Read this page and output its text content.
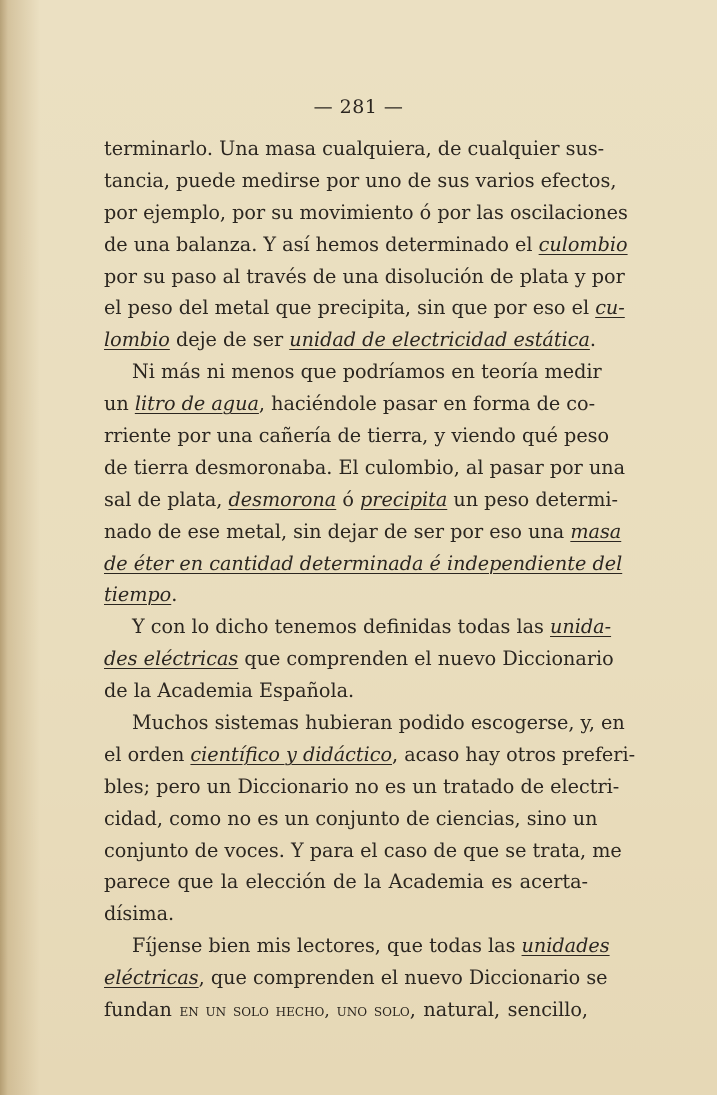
— 281 —
terminarlo. Una masa cualquiera, de cualquier sus-
tancia, puede medirse por uno de sus varios efectos,
por ejemplo, por su movimiento ó por las oscilaciones
de una balanza. Y así hemos determinado el culombio
por su paso al través de una disolución de plata y por
el peso del metal que precipita, sin que por eso el cu-
lombio deje de ser unidad de electricidad estática.
Ni más ni menos que podríamos en teoría medir
un litro de agua, haciéndole pasar en forma de co-
rriente por una cañería de tierra, y viendo qué peso
de tierra desmoronaba. El culombio, al pasar por una
sal de plata, desmorona ó precipita un peso determi-
nado de ese metal, sin dejar de ser por eso una masa
de éter en cantidad determinada é independiente del
tiempo.
Y con lo dicho tenemos definidas todas las unida-
des eléctricas que comprenden el nuevo Diccionario
de la Academia Española.
Muchos sistemas hubieran podido escogerse, y, en
el orden científico y didáctico, acaso hay otros preferi-
bles; pero un Diccionario no es un tratado de electri-
cidad, como no es un conjunto de ciencias, sino un
conjunto de voces. Y para el caso de que se trata, me
parece que la elección de la Academia es acerta-
dísima.
Fíjense bien mis lectores, que todas las unidades
eléctricas, que comprenden el nuevo Diccionario se
fundan en un solo hecho, uno solo, natural, sencillo,
